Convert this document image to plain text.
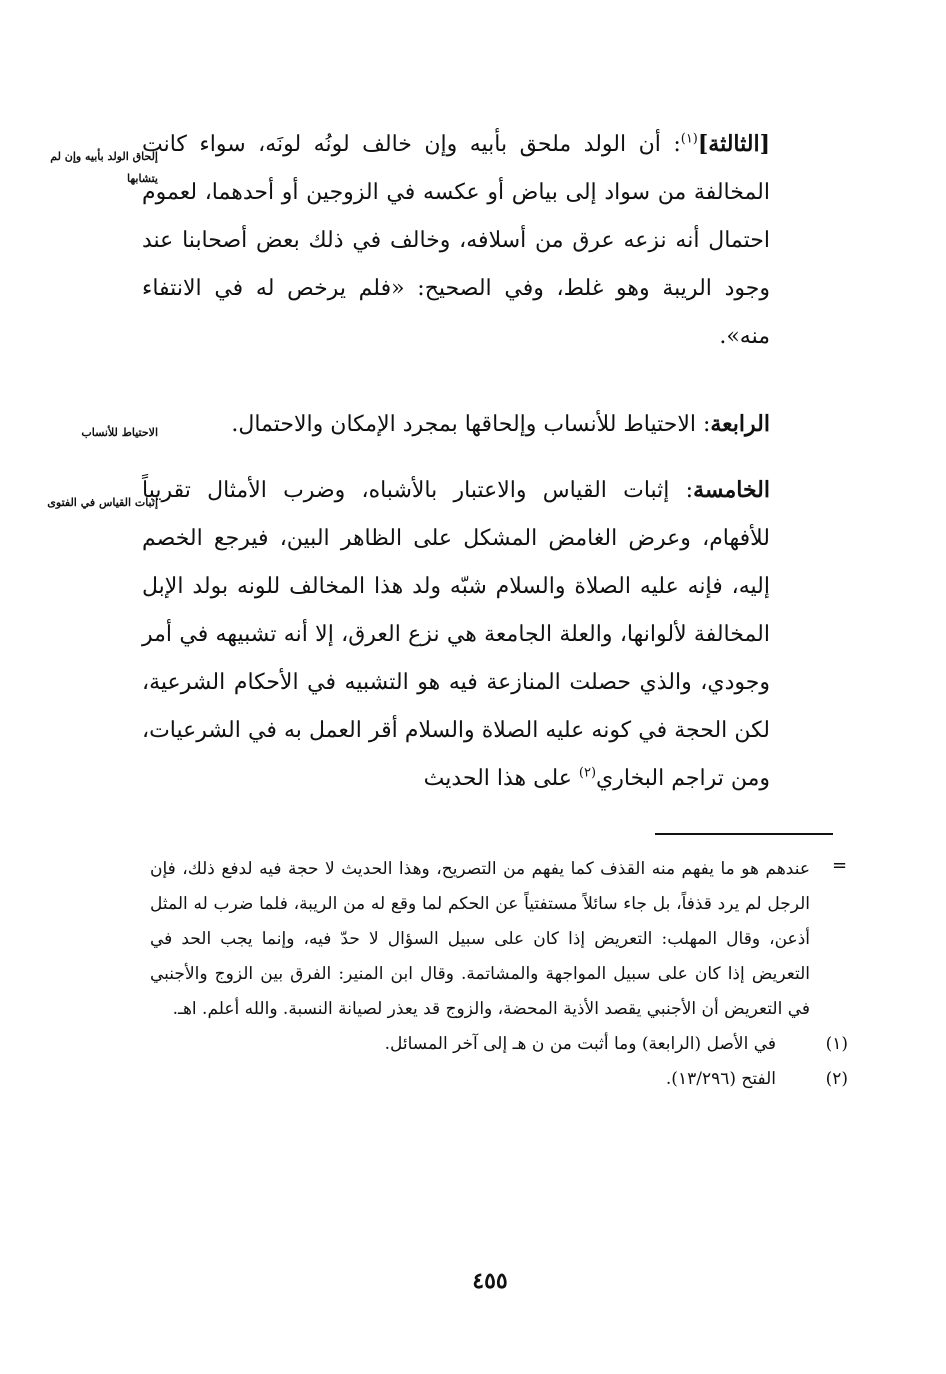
[الثالثة]$^{(١)}$: أن الولد ملحق بأبيه وإن خالف لونُه لونَه، سواء كانت المخالفة من سواد إلى بياض أو عكسه في الزوجين أو أحدهما، لعموم احتمال أنه نزعه عرق من أسلافه، وخالف في ذلك بعض أصحابنا عند وجود الريبة وهو غلط، وفي الصحيح: «فلم يرخص له في الانتفاء منه».

الرابعة: الاحتياط للأنساب وإلحاقها بمجرد الإمكان والاحتمال.

الخامسة: إثبات القياس والاعتبار بالأشباه، وضرب الأمثال تقريباً للأفهام، وعرض الغامض المشكل على الظاهر البين، فيرجع الخصم إليه، فإنه عليه الصلاة والسلام شبّه ولد هذا المخالف للونه بولد الإبل المخالفة لألوانها، والعلة الجامعة هي نزع العرق، إلا أنه تشبيهه في أمر وجودي، والذي حصلت المنازعة فيه هو التشبيه في الأحكام الشرعية، لكن الحجة في كونه عليه الصلاة والسلام أقر العمل به في الشرعيات، ومن تراجم البخاري$^{(٢)}$ على هذا الحديث

إلحاق الولد بأبيه وإن لم يتشابها
الاحتياط للأنساب
إثبات القياس في الفتوى
=

عندهم هو ما يفهم منه القذف كما يفهم من التصريح، وهذا الحديث لا حجة فيه لدفع ذلك، فإن الرجل لم يرد قذفاً، بل جاء سائلاً مستفتياً عن الحكم لما وقع له من الريبة، فلما ضرب له المثل أذعن، وقال المهلب: التعريض إذا كان على سبيل السؤال لا حدّ فيه، وإنما يجب الحد في التعريض إذا كان على سبيل المواجهة والمشاتمة. وقال ابن المنير: الفرق بين الزوج والأجنبي في التعريض أن الأجنبي يقصد الأذية المحضة، والزوج قد يعذر لصيانة النسبة. والله أعلم. اهـ.

(١)
في الأصل (الرابعة) وما أثبت من ن هـ إلى آخر المسائل.

(٢)
الفتح (١٣/٢٩٦).

٤٥٥
